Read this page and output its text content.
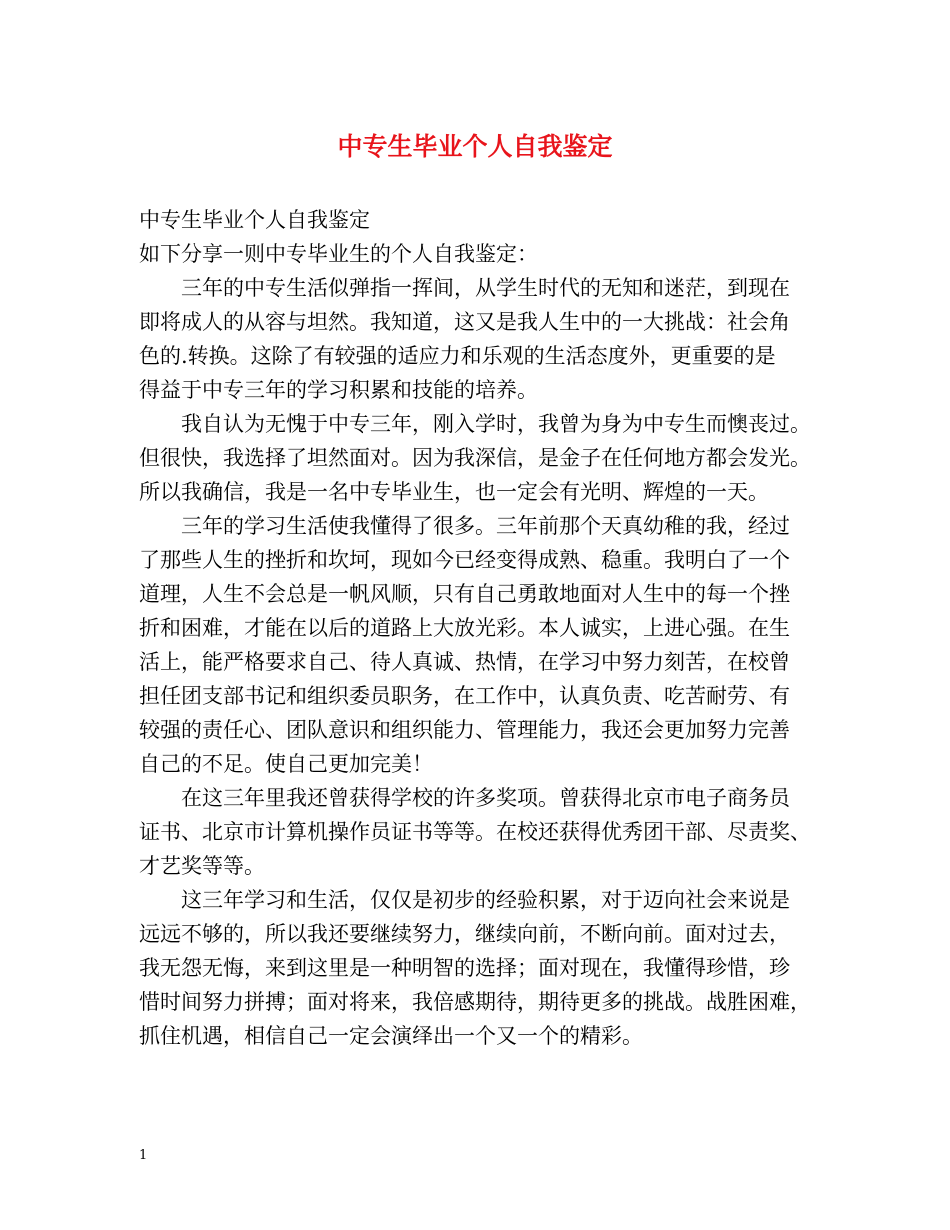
中专生毕业个人自我鉴定
中专生毕业个人自我鉴定
如下分享一则中专毕业生的个人自我鉴定：
三年的中专生活似弹指一挥间，从学生时代的无知和迷茫，到现在
即将成人的从容与坦然。我知道，这又是我人生中的一大挑战：社会角
色的.转换。这除了有较强的适应力和乐观的生活态度外，更重要的是
得益于中专三年的学习积累和技能的培养。
我自认为无愧于中专三年，刚入学时，我曾为身为中专生而懊丧过。
但很快，我选择了坦然面对。因为我深信，是金子在任何地方都会发光。
所以我确信，我是一名中专毕业生，也一定会有光明、辉煌的一天。
三年的学习生活使我懂得了很多。三年前那个天真幼稚的我，经过
了那些人生的挫折和坎坷，现如今已经变得成熟、稳重。我明白了一个
道理，人生不会总是一帆风顺，只有自己勇敢地面对人生中的每一个挫
折和困难，才能在以后的道路上大放光彩。本人诚实，上进心强。在生
活上，能严格要求自己、待人真诚、热情，在学习中努力刻苦，在校曾
担任团支部书记和组织委员职务，在工作中，认真负责、吃苦耐劳、有
较强的责任心、团队意识和组织能力、管理能力，我还会更加努力完善
自己的不足。使自己更加完美！
在这三年里我还曾获得学校的许多奖项。曾获得北京市电子商务员
证书、北京市计算机操作员证书等等。在校还获得优秀团干部、尽责奖、
才艺奖等等。
这三年学习和生活，仅仅是初步的经验积累，对于迈向社会来说是
远远不够的，所以我还要继续努力，继续向前，不断向前。面对过去，
我无怨无悔，来到这里是一种明智的选择；面对现在，我懂得珍惜，珍
惜时间努力拼搏；面对将来，我倍感期待，期待更多的挑战。战胜困难，
抓住机遇，相信自己一定会演绎出一个又一个的精彩。
1
